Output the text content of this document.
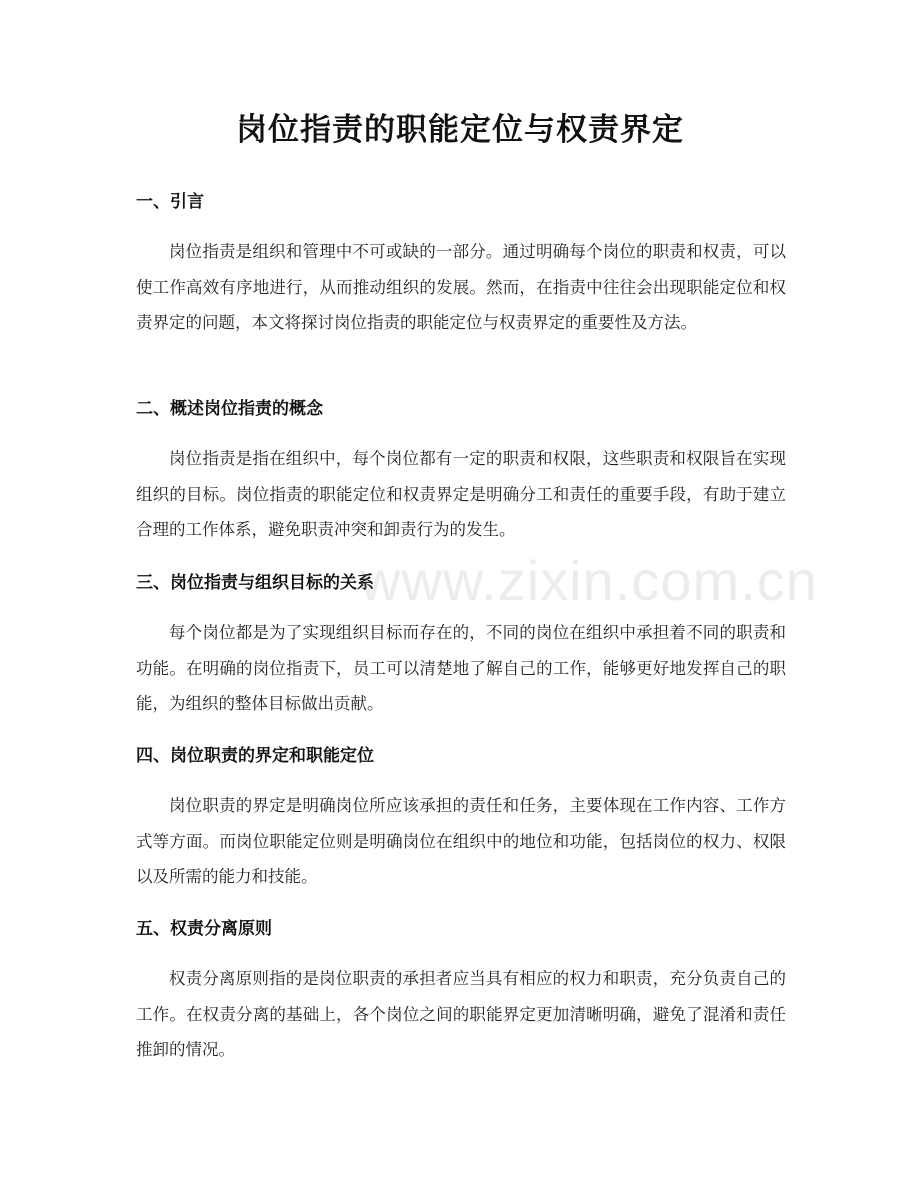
岗位指责的职能定位与权责界定
一、引言

岗位指责是组织和管理中不可或缺的一部分。通过明确每个岗位的职责和权责，可以使工作高效有序地进行，从而推动组织的发展。然而，在指责中往往会出现职能定位和权责界定的问题，本文将探讨岗位指责的职能定位与权责界定的重要性及方法。

二、概述岗位指责的概念

岗位指责是指在组织中，每个岗位都有一定的职责和权限，这些职责和权限旨在实现组织的目标。岗位指责的职能定位和权责界定是明确分工和责任的重要手段，有助于建立合理的工作体系，避免职责冲突和卸责行为的发生。

三、岗位指责与组织目标的关系

每个岗位都是为了实现组织目标而存在的，不同的岗位在组织中承担着不同的职责和功能。在明确的岗位指责下，员工可以清楚地了解自己的工作，能够更好地发挥自己的职能，为组织的整体目标做出贡献。

四、岗位职责的界定和职能定位

岗位职责的界定是明确岗位所应该承担的责任和任务，主要体现在工作内容、工作方式等方面。而岗位职能定位则是明确岗位在组织中的地位和功能，包括岗位的权力、权限以及所需的能力和技能。

五、权责分离原则

权责分离原则指的是岗位职责的承担者应当具有相应的权力和职责，充分负责自己的工作。在权责分离的基础上，各个岗位之间的职能界定更加清晰明确，避免了混淆和责任推卸的情况。

www.zixin.com.cn
